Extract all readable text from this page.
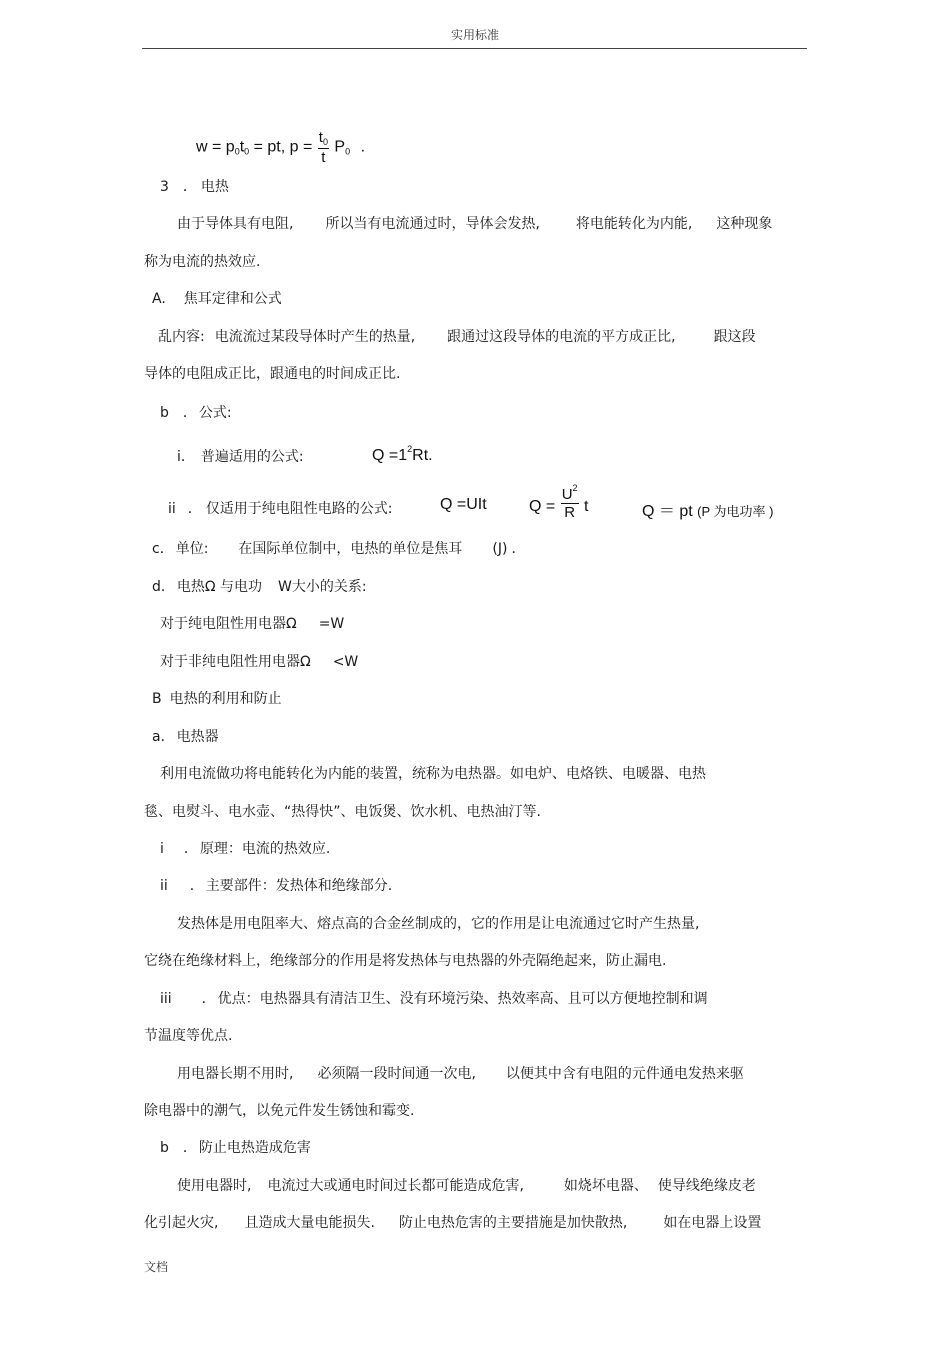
实用标准
$w = p_0t_0$ = pt, $p = \frac{t_0}{t} P_0$ .
3 ． 电热
由于导体具有电阻, 所以当有电流通过时，导体会发热,	将电能转化为内能, 这种现象
称为电流的热效应.
A. 焦耳定律和公式
乱内容: 电流流过某段导体时产生的热量, 跟通过这段导体的电流的平方成正比,	跟这段
导体的电阻成正比，跟通电的时间成正比.
b ． 公式:
i． 普遍适用的公式:	$Q =1^2Rt$.
ii ． 仅适用于纯电阻性电路的公式:	Q =UIt	$Q = \frac{U^2}{R}$ t	Q ＝ pt (P 为电功率 )
c． 单位: 在国际单位制中，电热的单位是焦耳 (J) ．
d． 电热Ω 与电功 W大小的关系:
对于纯电阻性用电器Ω =W
对于非纯电阻性用电器Ω <W
B 电热的利用和防止
a． 电热器
利用电流做功将电能转化为内能的装置，统称为电热器。如电炉、电烙铁、电暖器、电热
毯、电熨斗、电水壶、“热得快”、电饭煲、饮水机、电热油汀等.
i ． 原理：电流的热效应.
ii ． 主要部件：发热体和绝缘部分.
发热体是用电阻率大、熔点高的合金丝制成的，它的作用是让电流通过它时产生热量,
它绕在绝缘材料上，绝缘部分的作用是将发热体与电热器的外壳隔绝起来，防止漏电.
iii ． 优点：电热器具有清洁卫生、没有环境污染、热效率高、且可以方便地控制和调
节温度等优点.
用电器长期不用时, 必须隔一段时间通一次电, 以便其中含有电阻的元件通电发热来驱
除电器中的潮气，以免元件发生锈蚀和霉变.
b ． 防止电热造成危害
使用电器时, 电流过大或通电时间过长都可能造成危害,	如烧坏电器、 使导线绝缘皮老
化引起火灾, 且造成大量电能损失. 防止电热危害的主要措施是加快散热,	如在电器上设置
文档
